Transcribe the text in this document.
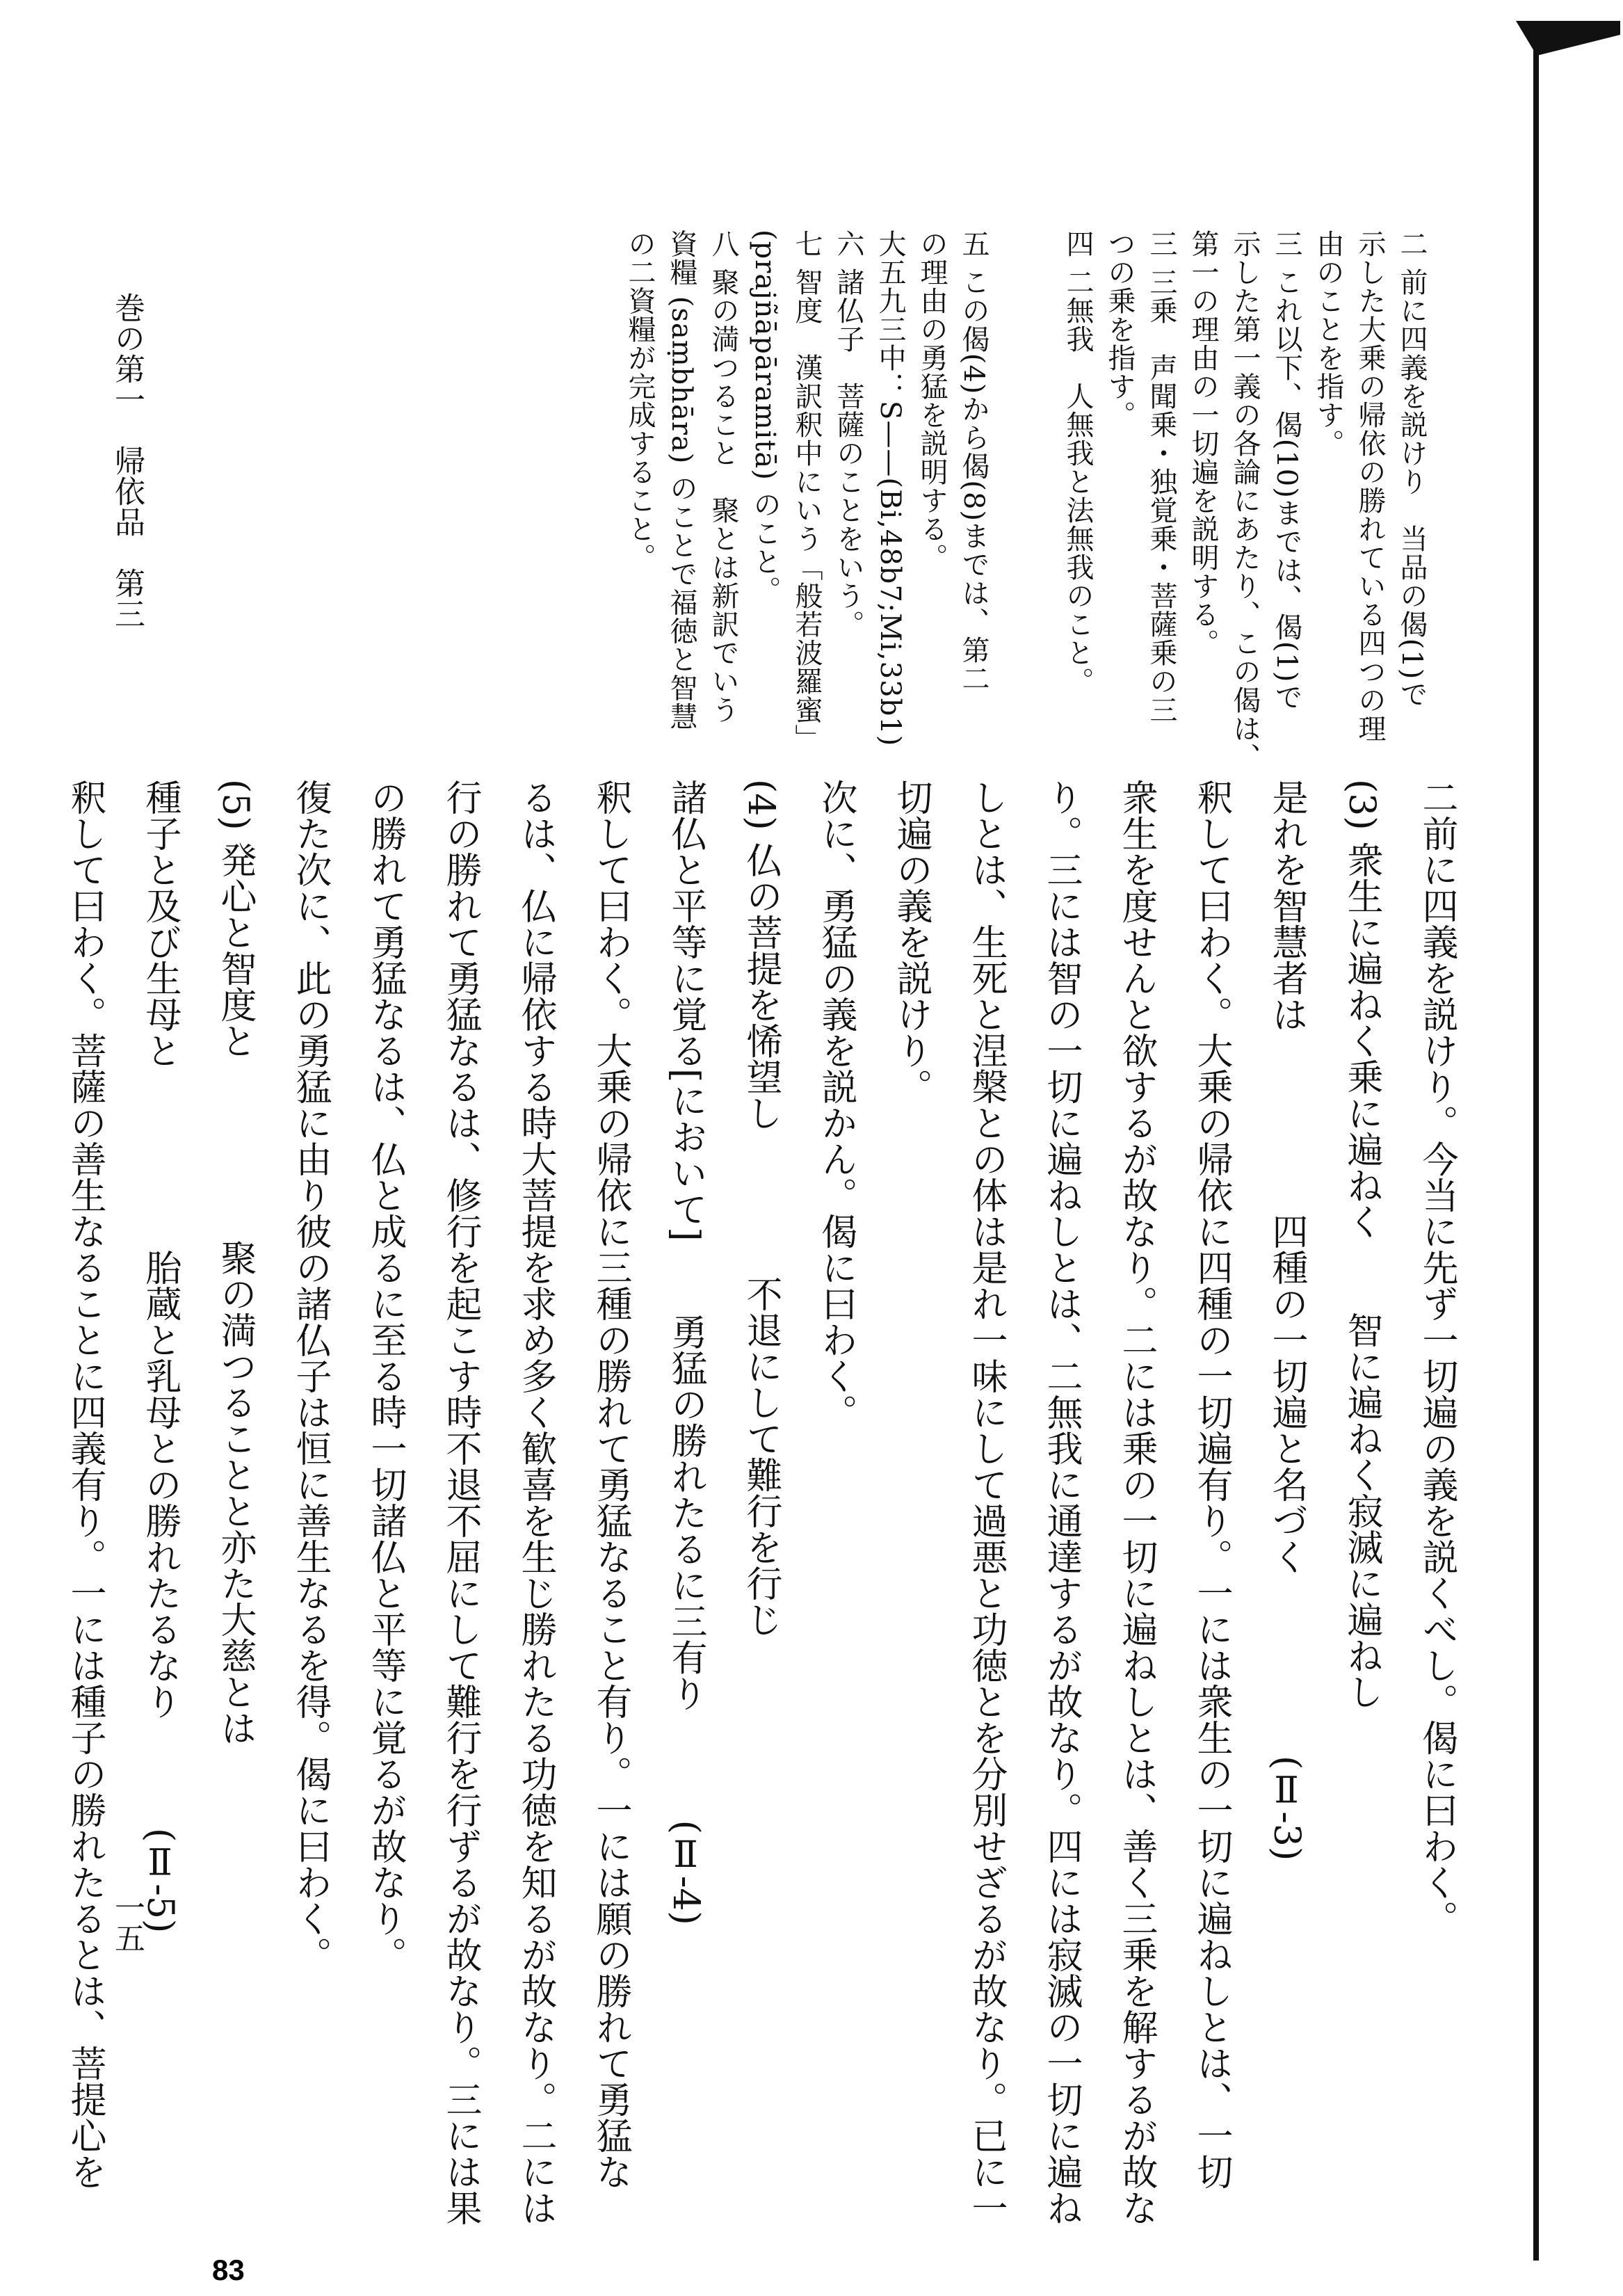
二前に四義を説けり。今当に先ず一切遍の義を説くべし。偈に曰わく。
(3) 衆生に遍ねく乗に遍ねく　　智に遍ねく寂滅に遍ねし
是れを智慧者は　　　　　四種の一切遍と名づく　　　　　(Ⅱ-3)
釈して曰わく。大乗の帰依に四種の一切遍有り。一には衆生の一切に遍ねしとは、一切
衆生を度せんと欲するが故なり。二には乗の一切に遍ねしとは、善く三乗を解するが故な
り。三には智の一切に遍ねしとは、二無我に通達するが故なり。四には寂滅の一切に遍ね
しとは、生死と涅槃との体は是れ一味にして過悪と功徳とを分別せざるが故なり。已に一
切遍の義を説けり。
次に、勇猛の義を説かん。偈に曰わく。
(4) 仏の菩提を悕望し　　　　不退にして難行を行じ
諸仏と平等に覚る[において]　　勇猛の勝れたるに三有り　　　(Ⅱ-4)
釈して曰わく。大乗の帰依に三種の勝れて勇猛なること有り。一には願の勝れて勇猛な
るは、仏に帰依する時大菩提を求め多く歓喜を生じ勝れたる功徳を知るが故なり。二には
行の勝れて勇猛なるは、修行を起こす時不退不屈にして難行を行ずるが故なり。三には果
の勝れて勇猛なるは、仏と成るに至る時一切諸仏と平等に覚るが故なり。
復た次に、此の勇猛に由り彼の諸仏子は恒に善生なるを得。偈に曰わく。
(5) 発心と智度と　　　　　聚の満つることと亦た大慈とは
種子と及び生母と　　　　　胎蔵と乳母との勝れたるなり　　　(Ⅱ-5)
釈して曰わく。菩薩の善生なることに四義有り。一には種子の勝れたるとは、菩提心を
二 前に四義を説けり　当品の偈(1)で
示した大乗の帰依の勝れている四つの理
由のことを指す。
三 これ以下、偈(10)までは、偈(1)で
示した第一義の各論にあたり、この偈は、
第一の理由の一切遍を説明する。
三 三乗　声聞乗・独覚乗・菩薩乗の三
つの乗を指す。
四 二無我　人無我と法無我のこと。
五 この偈(4)から偈(8)までは、第二
の理由の勇猛を説明する。
大五九三中：S——(Bi,48b7;Mi,33b1)
六 諸仏子　菩薩のことをいう。
七 智度　漢訳釈中にいう「般若波羅蜜」
(prajñāpāramitā) のこと。
八 聚の満つること　聚とは新訳でいう
資糧 (saṃbhāra) のことで福徳と智慧
の二資糧が完成すること。
巻の第一　帰依品　第三
一五
83
